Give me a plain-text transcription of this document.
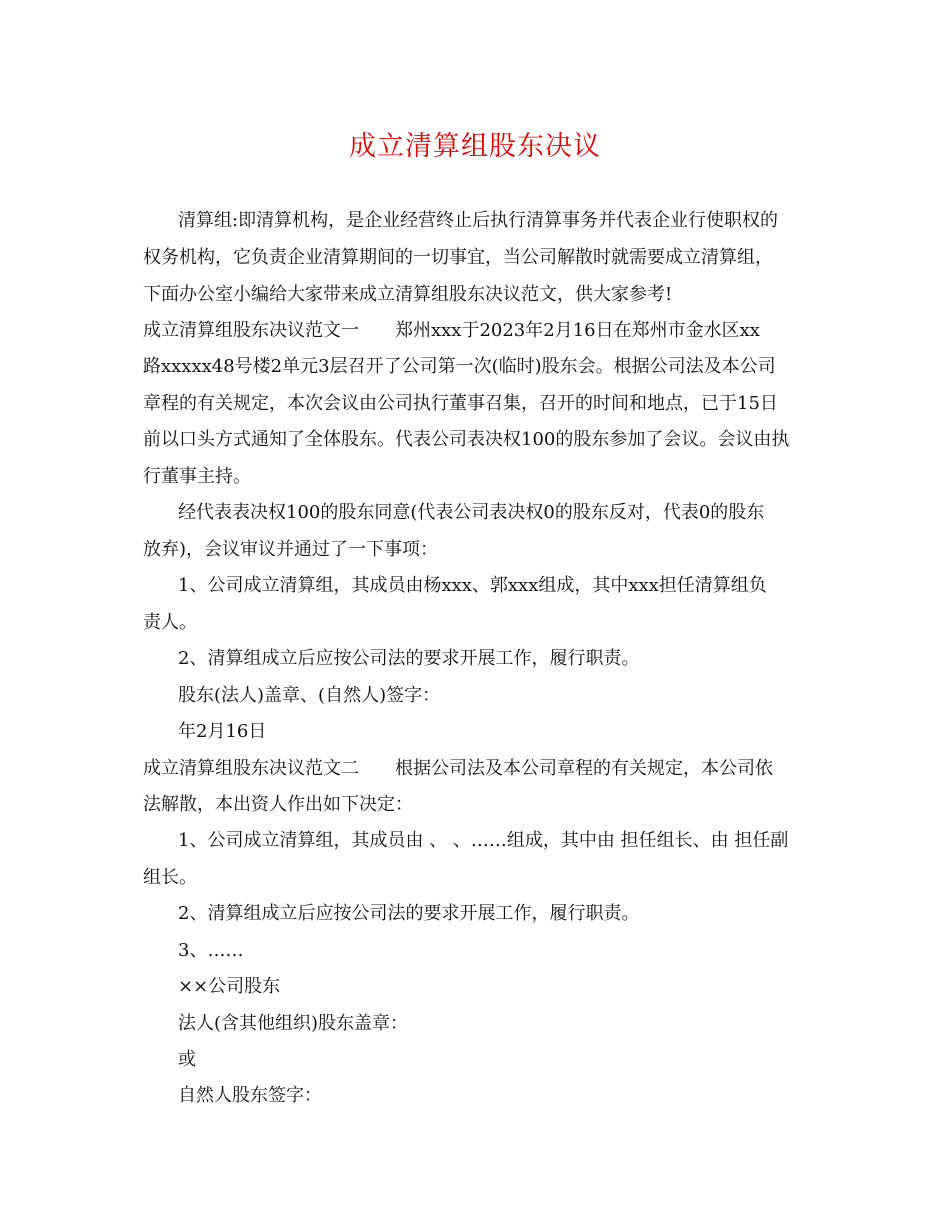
成立清算组股东决议
清算组:即清算机构，是企业经营终止后执行清算事务并代表企业行使职权的
权务机构，它负责企业清算期间的一切事宜，当公司解散时就需要成立清算组，
下面办公室小编给大家带来成立清算组股东决议范文，供大家参考!
成立清算组股东决议范文一 郑州xxx于2023年2月16日在郑州市金水区xx
路xxxxx48号楼2单元3层召开了公司第一次(临时)股东会。根据公司法及本公司
章程的有关规定，本次会议由公司执行董事召集，召开的时间和地点，已于15日
前以口头方式通知了全体股东。代表公司表决权100的股东参加了会议。会议由执
行董事主持。
经代表表决权100的股东同意(代表公司表决权0的股东反对，代表0的股东
放弃)，会议审议并通过了一下事项：
1、公司成立清算组，其成员由杨xxx、郭xxx组成，其中xxx担任清算组负
责人。
2、清算组成立后应按公司法的要求开展工作，履行职责。
股东(法人)盖章、(自然人)签字：
年2月16日
成立清算组股东决议范文二 根据公司法及本公司章程的有关规定，本公司依
法解散，本出资人作出如下决定：
1、公司成立清算组，其成员由 、 、……组成，其中由 担任组长、由 担任副
组长。
2、清算组成立后应按公司法的要求开展工作，履行职责。
3、……
××公司股东
法人(含其他组织)股东盖章：
或
自然人股东签字：
